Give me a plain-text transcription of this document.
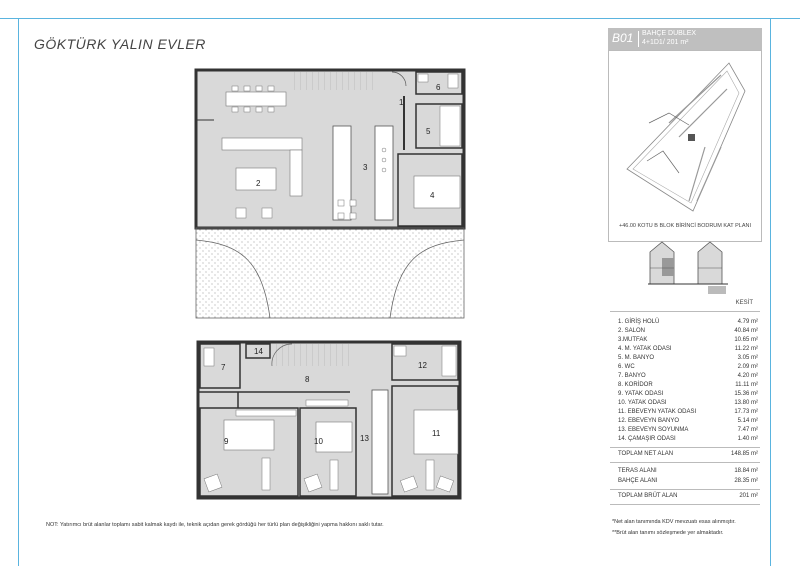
GÖKTÜRK YALIN EVLER
1
2
3
4
5
6
7
8
9	10
11
12
13
14
B01 BAHÇE DUBLEX
4+1D1/ 201 m²
+46.00 KOTU B BLOK BİRİNCİ BODRUM KAT PLANI
KESİT
1. GİRİŞ HOLÜ	4.79 m²
2. SALON	40.84 m²
3.MUTFAK	10.65 m²
4. M. YATAK ODASI	11.22 m²
5. M. BANYO	3.05 m²
6. WC	2.09 m²
7. BANYO	4.20 m²
8. KORİDOR	11.11 m²
9. YATAK ODASI	15.36 m²
10. YATAK ODASI	13.80 m²
11. EBEVEYN YATAK ODASI	17.73 m²
12. EBEVEYN BANYO	5.14 m²
13. EBEVEYN SOYUNMA	7.47 m²
14. ÇAMAŞIR ODASI	1.40 m²
TOPLAM NET ALAN	148.85 m²
TERAS ALANI	18.84 m²
BAHÇE ALANI	28.35 m²
TOPLAM BRÜT ALAN	201 m²
*Net alan tanımında KDV mevzuatı esas alınmıştır.
**Brüt alan tanımı sözleşmede yer almaktadır.
NOT: Yatırımcı brüt alanlar toplamı sabit kalmak kaydı ile, teknik açıdan gerek gördüğü her türlü plan değişikliğini yapma hakkını saklı tutar.
